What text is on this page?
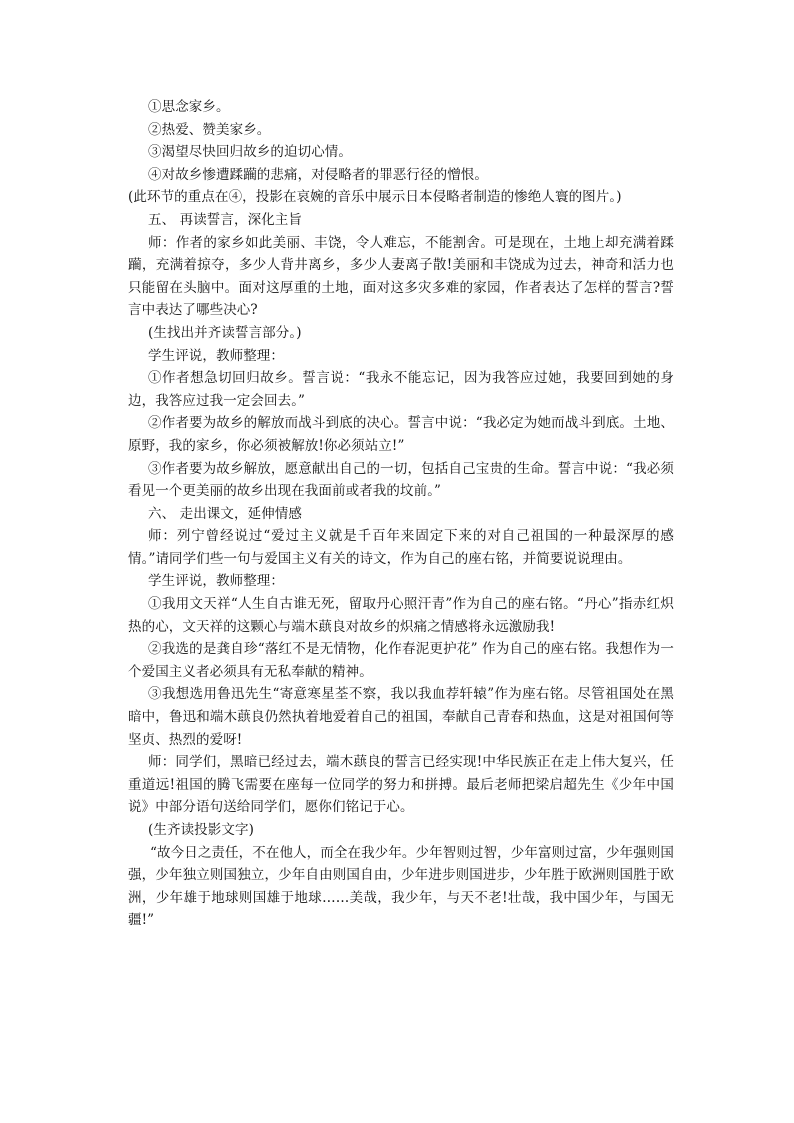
①思念家乡。

②热爱、赞美家乡。

③渴望尽快回归故乡的迫切心情。

④对故乡惨遭蹂躏的悲痛，对侵略者的罪恶行径的憎恨。

(此环节的重点在④，投影在哀婉的音乐中展示日本侵略者制造的惨绝人寰的图片。)

五、 再读誓言，深化主旨

师：作者的家乡如此美丽、丰饶，令人难忘，不能割舍。可是现在，土地上却充满着蹂躏，充满着掠夺，多少人背井离乡，多少人妻离子散!美丽和丰饶成为过去，神奇和活力也只能留在头脑中。面对这厚重的土地，面对这多灾多难的家园，作者表达了怎样的誓言?誓言中表达了哪些决心?

(生找出并齐读誓言部分。)

学生评说，教师整理：

①作者想急切回归故乡。誓言说：“我永不能忘记，因为我答应过她，我要回到她的身边，我答应过我一定会回去。”

②作者要为故乡的解放而战斗到底的决心。誓言中说：“我必定为她而战斗到底。土地、原野，我的家乡，你必须被解放!你必须站立!”

③作者要为故乡解放，愿意献出自己的一切，包括自己宝贵的生命。誓言中说：“我必须看见一个更美丽的故乡出现在我面前或者我的坟前。”

六、 走出课文，延伸情感

师：列宁曾经说过“爱过主义就是千百年来固定下来的对自己祖国的一种最深厚的感情。”请同学们些一句与爱国主义有关的诗文，作为自己的座右铭，并简要说说理由。

学生评说，教师整理：

①我用文天祥“人生自古谁无死，留取丹心照汗青”作为自己的座右铭。“丹心”指赤红炽热的心，文天祥的这颗心与端木蕻良对故乡的炽痛之情感将永远激励我!

②我选的是龚自珍“落红不是无情物，化作春泥更护花” 作为自己的座右铭。我想作为一个爱国主义者必须具有无私奉献的精神。

③我想选用鲁迅先生“寄意寒星荃不察，我以我血荐轩辕”作为座右铭。尽管祖国处在黑暗中，鲁迅和端木蕻良仍然执着地爱着自己的祖国，奉献自己青春和热血，这是对祖国何等坚贞、热烈的爱呀!

师：同学们，黑暗已经过去，端木蕻良的誓言已经实现!中华民族正在走上伟大复兴，任重道远!祖国的腾飞需要在座每一位同学的努力和拼搏。最后老师把梁启超先生《少年中国说》中部分语句送给同学们，愿你们铭记于心。

(生齐读投影文字)

“故今日之责任，不在他人，而全在我少年。少年智则过智，少年富则过富，少年强则国强，少年独立则国独立，少年自由则国自由，少年进步则国进步，少年胜于欧洲则国胜于欧洲，少年雄于地球则国雄于地球……美哉，我少年，与天不老!壮哉，我中国少年，与国无疆!”
